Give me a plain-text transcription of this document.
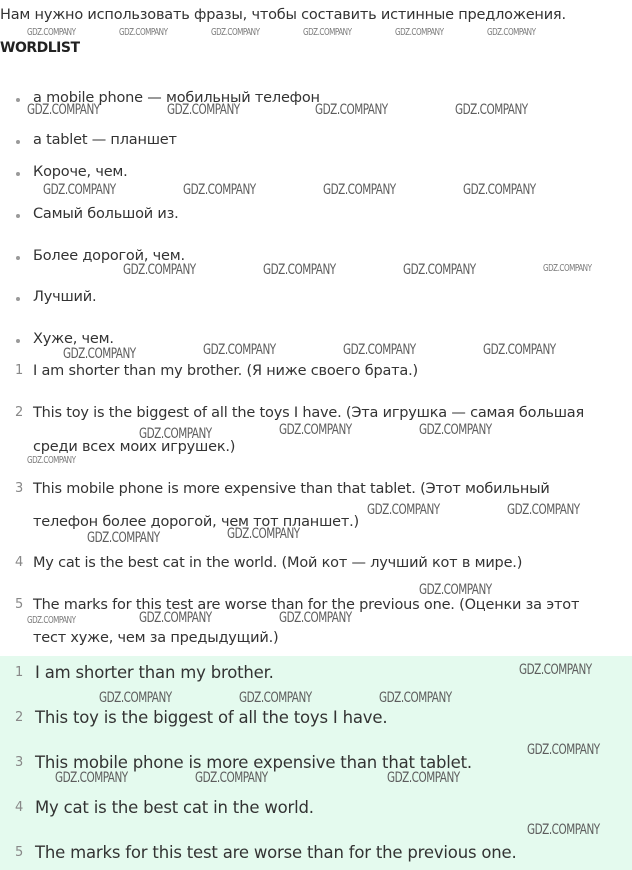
Нам нужно использовать фразы, чтобы составить истинные предложения.
WORDLIST
a mobile phone — мобильный телефон
a tablet — планшет
Короче, чем.
Самый большой из.
Более дорогой, чем.
Лучший.
Хуже, чем.
1 I am shorter than my brother. (Я ниже своего брата.)
2 This toy is the biggest of all the toys I have. (Эта игрушка — самая большая
среди всех моих игрушек.)
3 This mobile phone is more expensive than that tablet. (Этот мобильный
телефон более дорогой, чем тот планшет.)
4 My cat is the best cat in the world. (Мой кот — лучший кот в мире.)
5 The marks for this test are worse than for the previous one. (Оценки за этот
тест хуже, чем за предыдущий.)
1 I am shorter than my brother.
2 This toy is the biggest of all the toys I have.
3 This mobile phone is more expensive than that tablet.
4 My cat is the best cat in the world.
5 The marks for this test are worse than for the previous one.
GDZ.COMPANY	GDZ.COMPANY	GDZ.COMPANY	GDZ.COMPANY	GDZ.COMPANY	GDZ.COMPANY
GDZ.COMPANY	GDZ.COMPANY	GDZ.COMPANY	GDZ.COMPANY
GDZ.COMPANY	GDZ.COMPANY	GDZ.COMPANY	GDZ.COMPANY
GDZ.COMPANY	GDZ.COMPANY	GDZ.COMPANY	GDZ.COMPANY
GDZ.COMPANY	GDZ.COMPANY	GDZ.COMPANY	GDZ.COMPANY
GDZ.COMPANY	GDZ.COMPANY	GDZ.COMPANY
GDZ.COMPANY
GDZ.COMPANY	GDZ.COMPANY
GDZ.COMPANY
GDZ.COMPANY
GDZ.COMPANY
GDZ.COMPANY	GDZ.COMPANY	GDZ.COMPANY
GDZ.COMPANY
GDZ.COMPANY	GDZ.COMPANY	GDZ.COMPANY
GDZ.COMPANY
GDZ.COMPANY	GDZ.COMPANY	GDZ.COMPANY
GDZ.COMPANY
